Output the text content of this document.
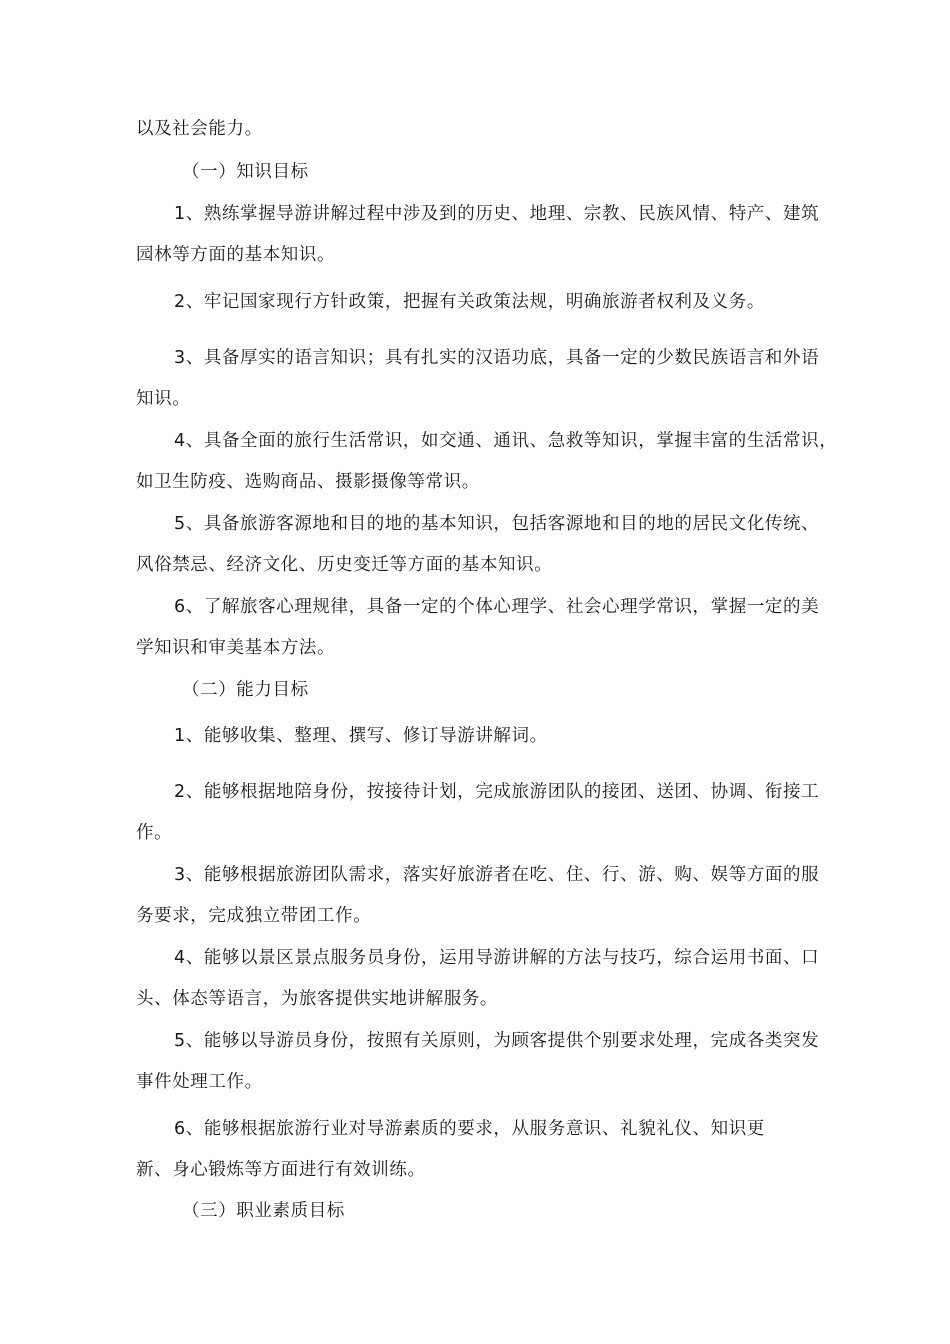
以及社会能力。

（一）知识目标

1、熟练掌握导游讲解过程中涉及到的历史、地理、宗教、民族风情、特产、建筑

园林等方面的基本知识。

2、牢记国家现行方针政策，把握有关政策法规，明确旅游者权利及义务。

3、具备厚实的语言知识；具有扎实的汉语功底，具备一定的少数民族语言和外语

知识。

4、具备全面的旅行生活常识，如交通、通讯、急救等知识，掌握丰富的生活常识，

如卫生防疫、选购商品、摄影摄像等常识。

5、具备旅游客源地和目的地的基本知识，包括客源地和目的地的居民文化传统、

风俗禁忌、经济文化、历史变迁等方面的基本知识。

6、了解旅客心理规律，具备一定的个体心理学、社会心理学常识，掌握一定的美

学知识和审美基本方法。

（二）能力目标

1、能够收集、整理、撰写、修订导游讲解词。

2、能够根据地陪身份，按接待计划，完成旅游团队的接团、送团、协调、衔接工

作。

3、能够根据旅游团队需求，落实好旅游者在吃、住、行、游、购、娱等方面的服

务要求，完成独立带团工作。

4、能够以景区景点服务员身份，运用导游讲解的方法与技巧，综合运用书面、口

头、体态等语言，为旅客提供实地讲解服务。

5、能够以导游员身份，按照有关原则，为顾客提供个别要求处理，完成各类突发

事件处理工作。

6、能够根据旅游行业对导游素质的要求，从服务意识、礼貌礼仪、知识更

新、身心锻炼等方面进行有效训练。

（三）职业素质目标
